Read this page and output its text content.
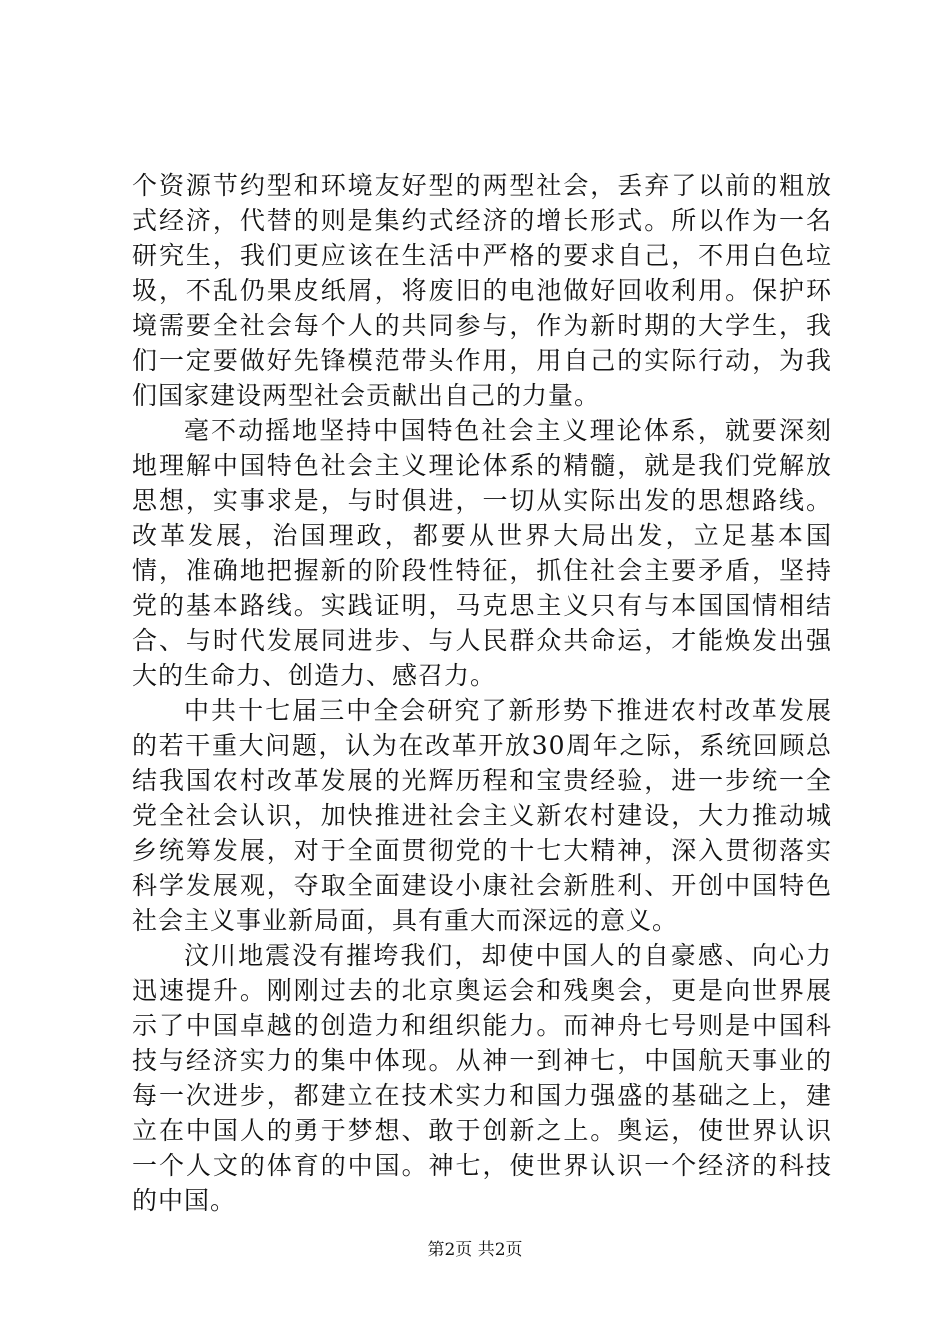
个资源节约型和环境友好型的两型社会，丢弃了以前的粗放式经济，代替的则是集约式经济的增长形式。所以作为一名研究生，我们更应该在生活中严格的要求自己，不用白色垃圾，不乱仍果皮纸屑，将废旧的电池做好回收利用。保护环境需要全社会每个人的共同参与，作为新时期的大学生，我们一定要做好先锋模范带头作用，用自己的实际行动，为我们国家建设两型社会贡献出自己的力量。

毫不动摇地坚持中国特色社会主义理论体系，就要深刻地理解中国特色社会主义理论体系的精髓，就是我们党解放思想，实事求是，与时俱进，一切从实际出发的思想路线。改革发展，治国理政，都要从世界大局出发，立足基本国情，准确地把握新的阶段性特征，抓住社会主要矛盾，坚持党的基本路线。实践证明，马克思主义只有与本国国情相结合、与时代发展同进步、与人民群众共命运，才能焕发出强大的生命力、创造力、感召力。

中共十七届三中全会研究了新形势下推进农村改革发展的若干重大问题，认为在改革开放30周年之际，系统回顾总结我国农村改革发展的光辉历程和宝贵经验，进一步统一全党全社会认识，加快推进社会主义新农村建设，大力推动城乡统筹发展，对于全面贯彻党的十七大精神，深入贯彻落实科学发展观，夺取全面建设小康社会新胜利、开创中国特色社会主义事业新局面，具有重大而深远的意义。

汶川地震没有摧垮我们，却使中国人的自豪感、向心力迅速提升。刚刚过去的北京奥运会和残奥会，更是向世界展示了中国卓越的创造力和组织能力。而神舟七号则是中国科技与经济实力的集中体现。从神一到神七，中国航天事业的每一次进步，都建立在技术实力和国力强盛的基础之上，建立在中国人的勇于梦想、敢于创新之上。奥运，使世界认识一个人文的体育的中国。神七，使世界认识一个经济的科技的中国。

第2页 共2页
